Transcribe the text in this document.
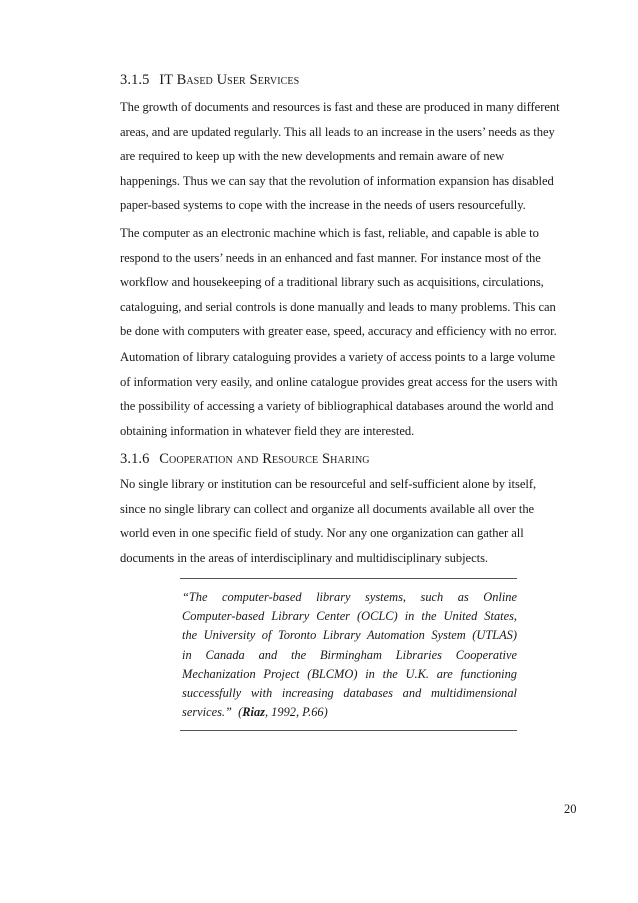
3.1.5 IT Based User Services
The growth of documents and resources is fast and these are produced in many different
areas, and are updated regularly. This all leads to an increase in the users’ needs as they
are required to keep up with the new developments and remain aware of new
happenings. Thus we can say that the revolution of information expansion has disabled
paper-based systems to cope with the increase in the needs of users resourcefully.
The computer as an electronic machine which is fast, reliable, and capable is able to
respond to the users’ needs in an enhanced and fast manner. For instance most of the
workflow and housekeeping of a traditional library such as acquisitions, circulations,
cataloguing, and serial controls is done manually and leads to many problems. This can
be done with computers with greater ease, speed, accuracy and efficiency with no error.
Automation of library cataloguing provides a variety of access points to a large volume
of information very easily, and online catalogue provides great access for the users with
the possibility of accessing a variety of bibliographical databases around the world and
obtaining information in whatever field they are interested.
3.1.6 Cooperation and Resource Sharing
No single library or institution can be resourceful and self-sufficient alone by itself,
since no single library can collect and organize all documents available all over the
world even in one specific field of study. Nor any one organization can gather all
documents in the areas of interdisciplinary and multidisciplinary subjects.
“The computer-based library systems, such as Online
Computer-based Library Center (OCLC) in the United States,
the University of Toronto Library Automation System (UTLAS)
in Canada and the Birmingham Libraries Cooperative
Mechanization Project (BLCMO) in the U.K. are functioning
successfully with increasing databases and multidimensional
services.” (Riaz, 1992, P.66)
20
